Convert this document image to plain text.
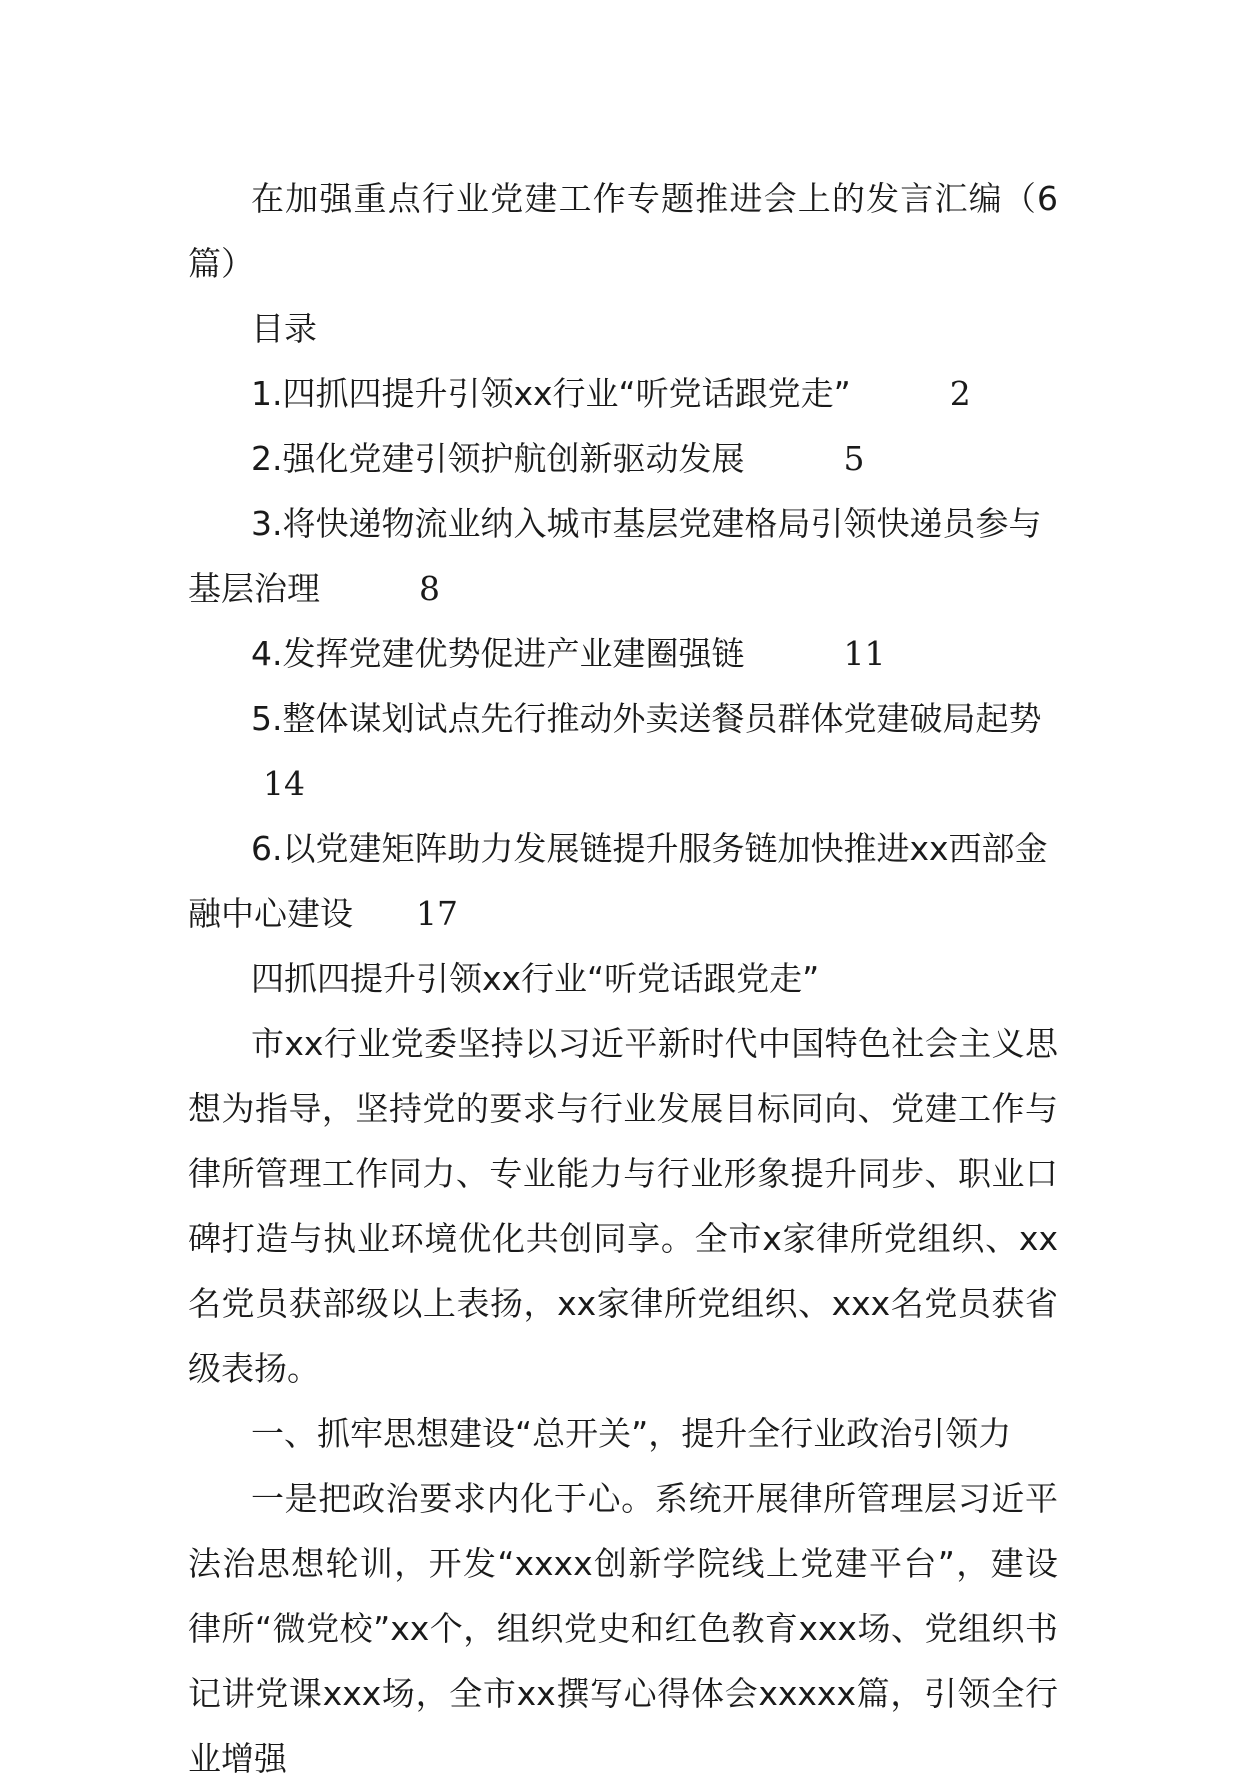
在加强重点行业党建工作专题推进会上的发言汇编（6篇）

目录

1.四抓四提升引领xx行业“听党话跟党走”	2

2.强化党建引领护航创新驱动发展	5

3.将快递物流业纳入城市基层党建格局引领快递员参与基层治理	8

4.发挥党建优势促进产业建圈强链	11

5.整体谋划试点先行推动外卖送餐员群体党建破局起势14

6.以党建矩阵助力发展链提升服务链加快推进xx西部金融中心建设 17

四抓四提升引领xx行业“听党话跟党走”

市xx行业党委坚持以习近平新时代中国特色社会主义思想为指导，坚持党的要求与行业发展目标同向、党建工作与律所管理工作同力、专业能力与行业形象提升同步、职业口碑打造与执业环境优化共创同享。全市x家律所党组织、xx名党员获部级以上表扬，xx家律所党组织、xxx名党员获省级表扬。

一、抓牢思想建设“总开关”，提升全行业政治引领力

一是把政治要求内化于心。系统开展律所管理层习近平法治思想轮训，开发“xxxx创新学院线上党建平台”，建设律所“微党校”xx个，组织党史和红色教育xxx场、党组织书记讲党课xxx场，全市xx撰写心得体会xxxxx篇，引领全行业增强
